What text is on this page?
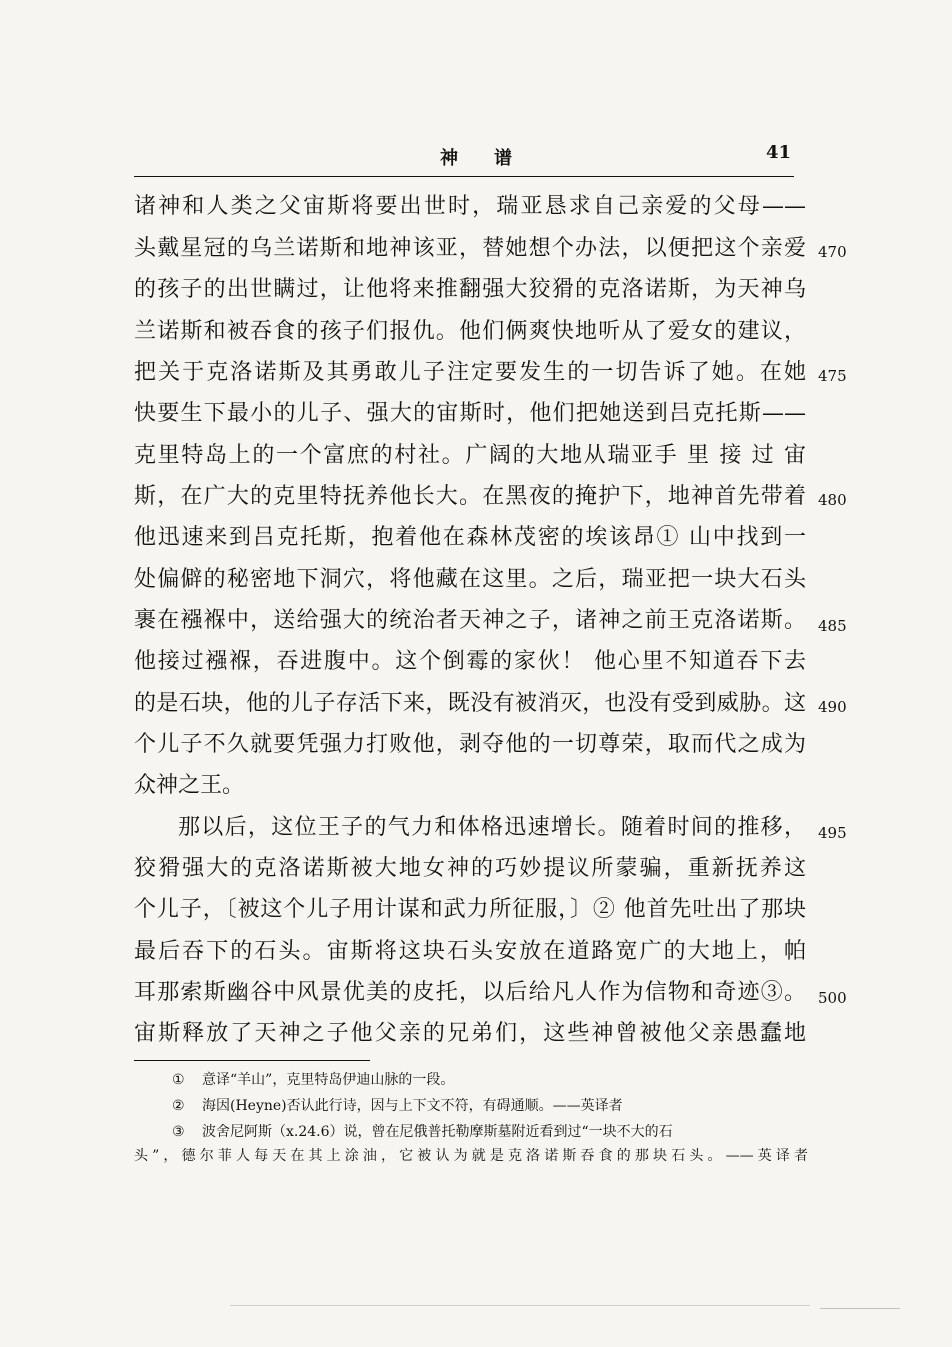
神谱	41
诸神和人类之父宙斯将要出世时，瑞亚恳求自己亲爱的父母——
头戴星冠的乌兰诺斯和地神该亚，替她想个办法，以便把这个亲爱
的孩子的出世瞒过，让他将来推翻强大狡猾的克洛诺斯，为天神乌
兰诺斯和被吞食的孩子们报仇。他们俩爽快地听从了爱女的建议，
把关于克洛诺斯及其勇敢儿子注定要发生的一切告诉了她。在她
快要生下最小的儿子、强大的宙斯时，他们把她送到吕克托斯——
克里特岛上的一个富庶的村社。广阔的大地从瑞亚手 里 接 过 宙
斯，在广大的克里特抚养他长大。在黑夜的掩护下，地神首先带着
他迅速来到吕克托斯，抱着他在森林茂密的埃该昂① 山中找到一
处偏僻的秘密地下洞穴，将他藏在这里。之后，瑞亚把一块大石头
裹在襁褓中，送给强大的统治者天神之子，诸神之前王克洛诺斯。
他接过襁褓，吞进腹中。这个倒霉的家伙！ 他心里不知道吞下去
的是石块，他的儿子存活下来，既没有被消灭，也没有受到威胁。这
个儿子不久就要凭强力打败他，剥夺他的一切尊荣，取而代之成为
众神之王。
那以后，这位王子的气力和体格迅速增长。随着时间的推移，
狡猾强大的克洛诺斯被大地女神的巧妙提议所蒙骗，重新抚养这
个儿子，〔被这个儿子用计谋和武力所征服，〕② 他首先吐出了那块
最后吞下的石头。宙斯将这块石头安放在道路宽广的大地上，帕
耳那索斯幽谷中风景优美的皮托，以后给凡人作为信物和奇迹③。
宙斯释放了天神之子他父亲的兄弟们，这些神曾被他父亲愚蠢地
470
475
480
485
490
495
500
① 意译“羊山”，克里特岛伊迪山脉的一段。
② 海因(Heyne)否认此行诗，因与上下文不符，有碍通顺。——英译者
③ 波舍尼阿斯（x.24.6）说，曾在尼俄普托勒摩斯墓附近看到过“一块不大的石
头”，德尔菲人每天在其上涂油，它被认为就是克洛诺斯吞食的那块石头。——英译者
